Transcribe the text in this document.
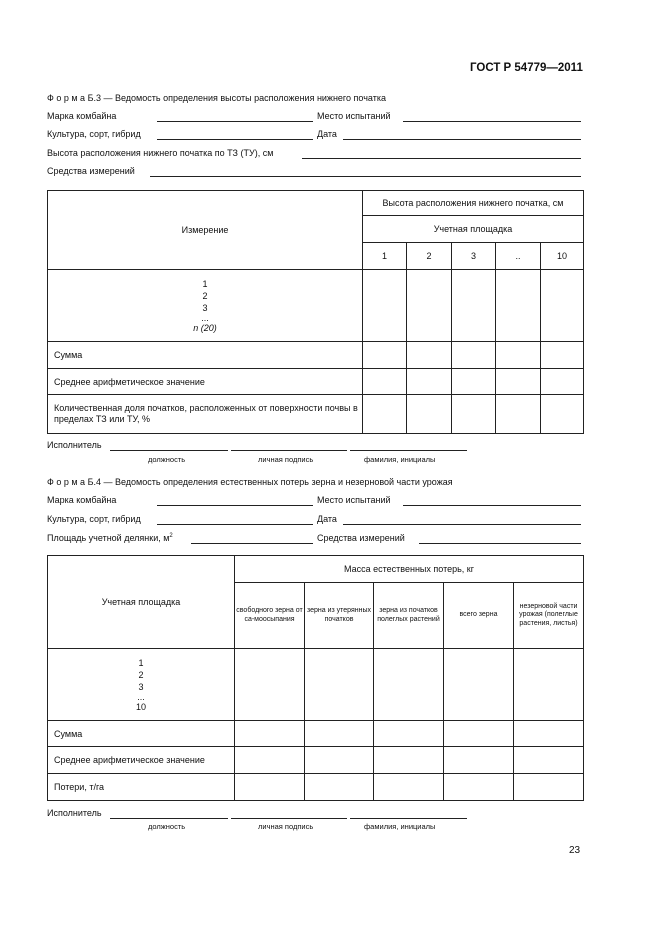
ГОСТ Р 54779—2011
Ф о р м а Б.3 — Ведомость определения высоты расположения нижнего початка
Марка комбайна	Место испытаний
Культура, сорт, гибрид	Дата
Высота расположения нижнего початка по ТЗ (ТУ), см
Средства измерений
Измерение	Высота расположения нижнего початка, см				
	Учетная площадка				
	1	2	3	..	10

1
2
3
...
n (20)					

Сумма					
Среднее арифметическое значение					
Количественная доля початков, расположенных от поверхности почвы в пределах ТЗ или ТУ, %					
Исполнитель
должность	личная подпись	фамилия, инициалы
Ф о р м а Б.4 — Ведомость определения естественных потерь зерна и незерновой части урожая
Марка комбайна	Место испытаний
Культура, сорт, гибрид	Дата
Площадь учетной делянки, $м^2$	Средства измерений
Учетная площадка	Масса естественных потерь, кг				
	свободного зерна от са-моосыпания	зерна из утерянных початков	зерна из початков полеглых растений	всего зерна	незерновой части урожая (полеглые растения, листья)

1
2
3
...
10					

Сумма					
Среднее арифметическое значение					
Потери, т/га					
Исполнитель
должность	личная подпись	фамилия, инициалы
23
